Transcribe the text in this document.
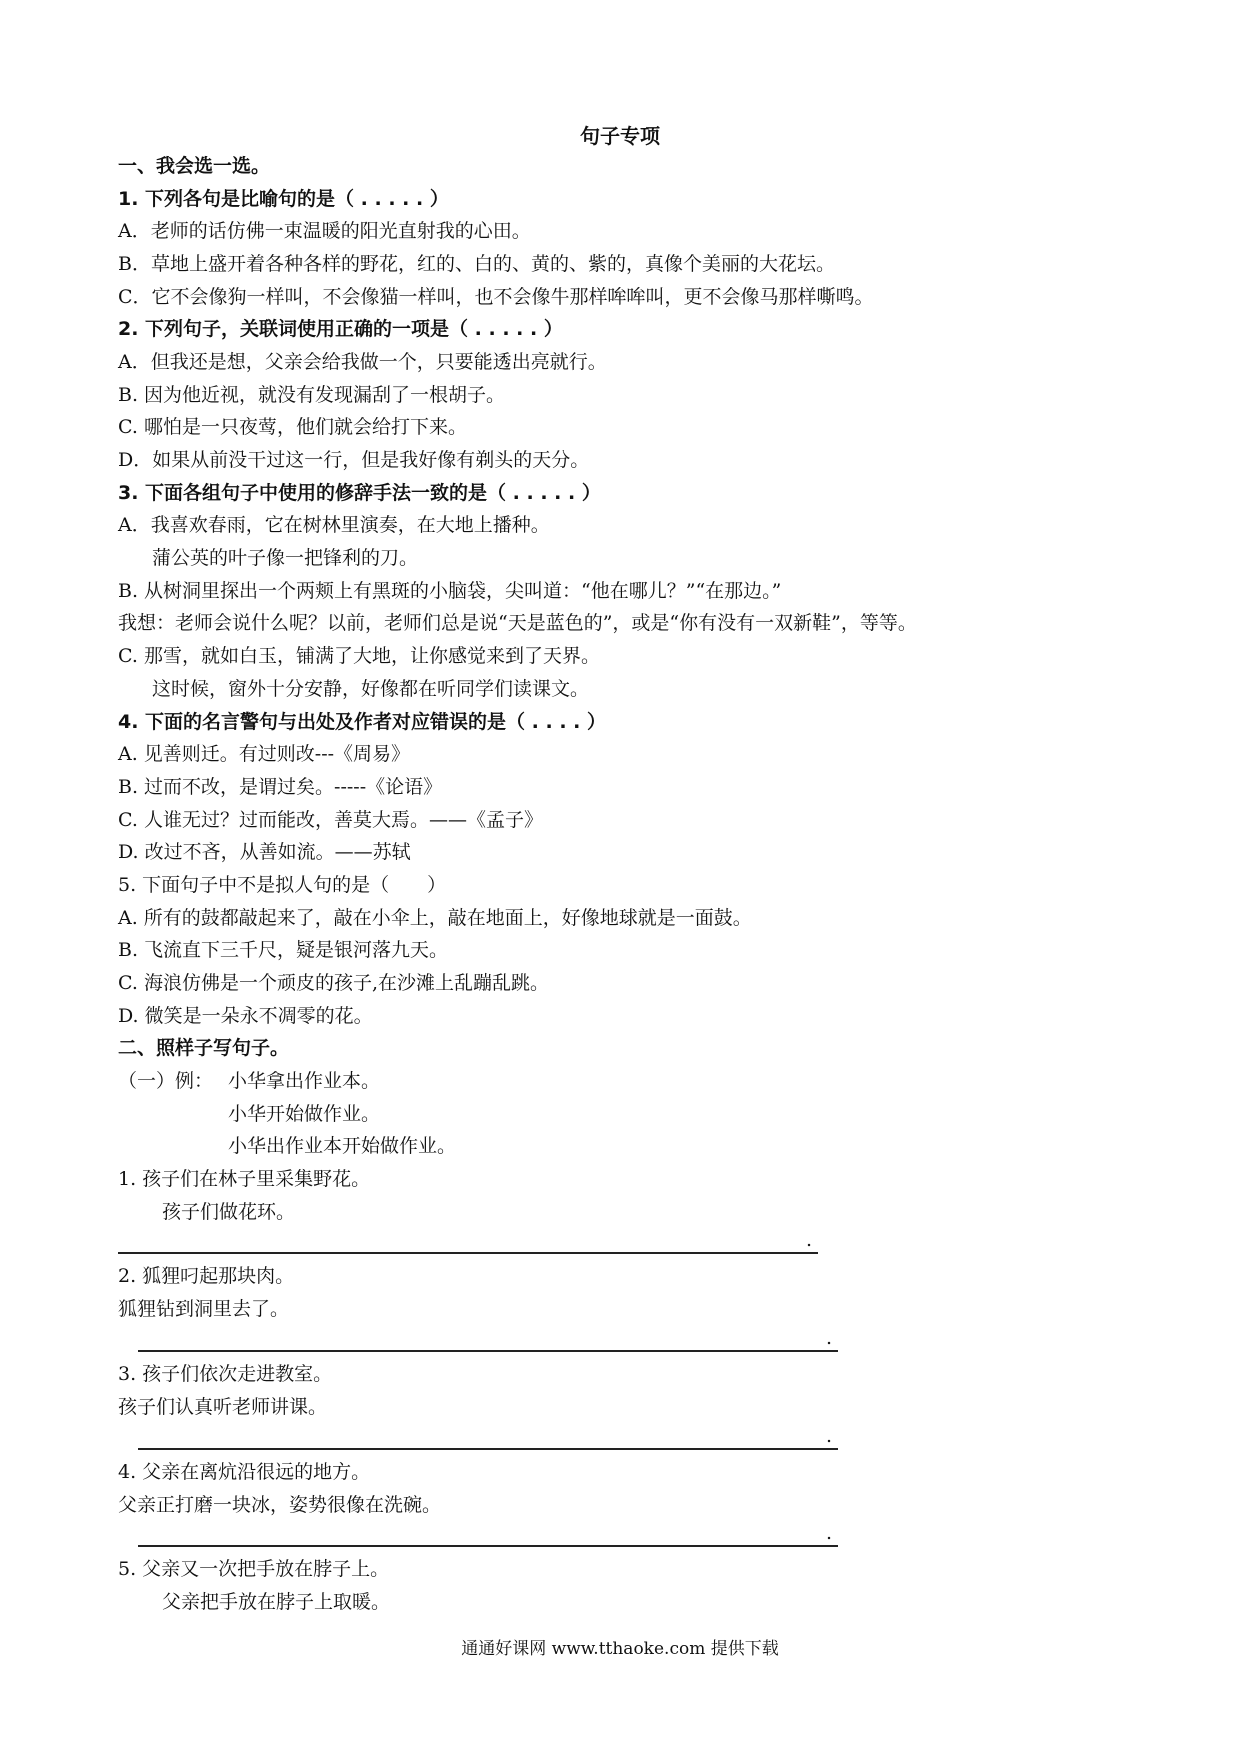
句子专项
一、我会选一选。
1. 下列各句是比喻句的是（ . . . . . ）
A．老师的话仿佛一束温暖的阳光直射我的心田。
B．草地上盛开着各种各样的野花，红的、白的、黄的、紫的，真像个美丽的大花坛。
C．它不会像狗一样叫，不会像猫一样叫，也不会像牛那样哞哞叫，更不会像马那样嘶鸣。
2. 下列句子，关联词使用正确的一项是（ . . . . . ）
A．但我还是想，父亲会给我做一个，只要能透出亮就行。
B. 因为他近视，就没有发现漏刮了一根胡子。
C. 哪怕是一只夜莺，他们就会给打下来。
D．如果从前没干过这一行，但是我好像有剃头的天分。
3. 下面各组句子中使用的修辞手法一致的是（ . . . . . ）
A．我喜欢春雨，它在树林里演奏，在大地上播种。
蒲公英的叶子像一把锋利的刀。
B. 从树洞里探出一个两颊上有黑斑的小脑袋，尖叫道：“他在哪儿？”“在那边。”
我想：老师会说什么呢？以前，老师们总是说“天是蓝色的”，或是“你有没有一双新鞋”，等等。
C. 那雪，就如白玉，铺满了大地，让你感觉来到了天界。
这时候，窗外十分安静，好像都在听同学们读课文。
4. 下面的名言警句与出处及作者对应错误的是（ . . . . ）
A. 见善则迁。有过则改---《周易》
B. 过而不改，是谓过矣。-----《论语》
C. 人谁无过？过而能改，善莫大焉。——《孟子》
D. 改过不吝，从善如流。——苏轼
5. 下面句子中不是拟人句的是（　　）
A. 所有的鼓都敲起来了，敲在小伞上，敲在地面上，好像地球就是一面鼓。
B. 飞流直下三千尺，疑是银河落九天。
C. 海浪仿佛是一个顽皮的孩子,在沙滩上乱蹦乱跳。
D. 微笑是一朵永不凋零的花。
二、照样子写句子。
（一）例： 小华拿出作业本。
小华开始做作业。
小华出作业本开始做作业。
1. 孩子们在林子里采集野花。
孩子们做花环。
.
2. 狐狸叼起那块肉。
狐狸钻到洞里去了。
.
3. 孩子们依次走进教室。
孩子们认真听老师讲课。
.
4. 父亲在离炕沿很远的地方。
父亲正打磨一块冰，姿势很像在洗碗。
.
5. 父亲又一次把手放在脖子上。
父亲把手放在脖子上取暖。
通通好课网 www.tthaoke.com 提供下载
